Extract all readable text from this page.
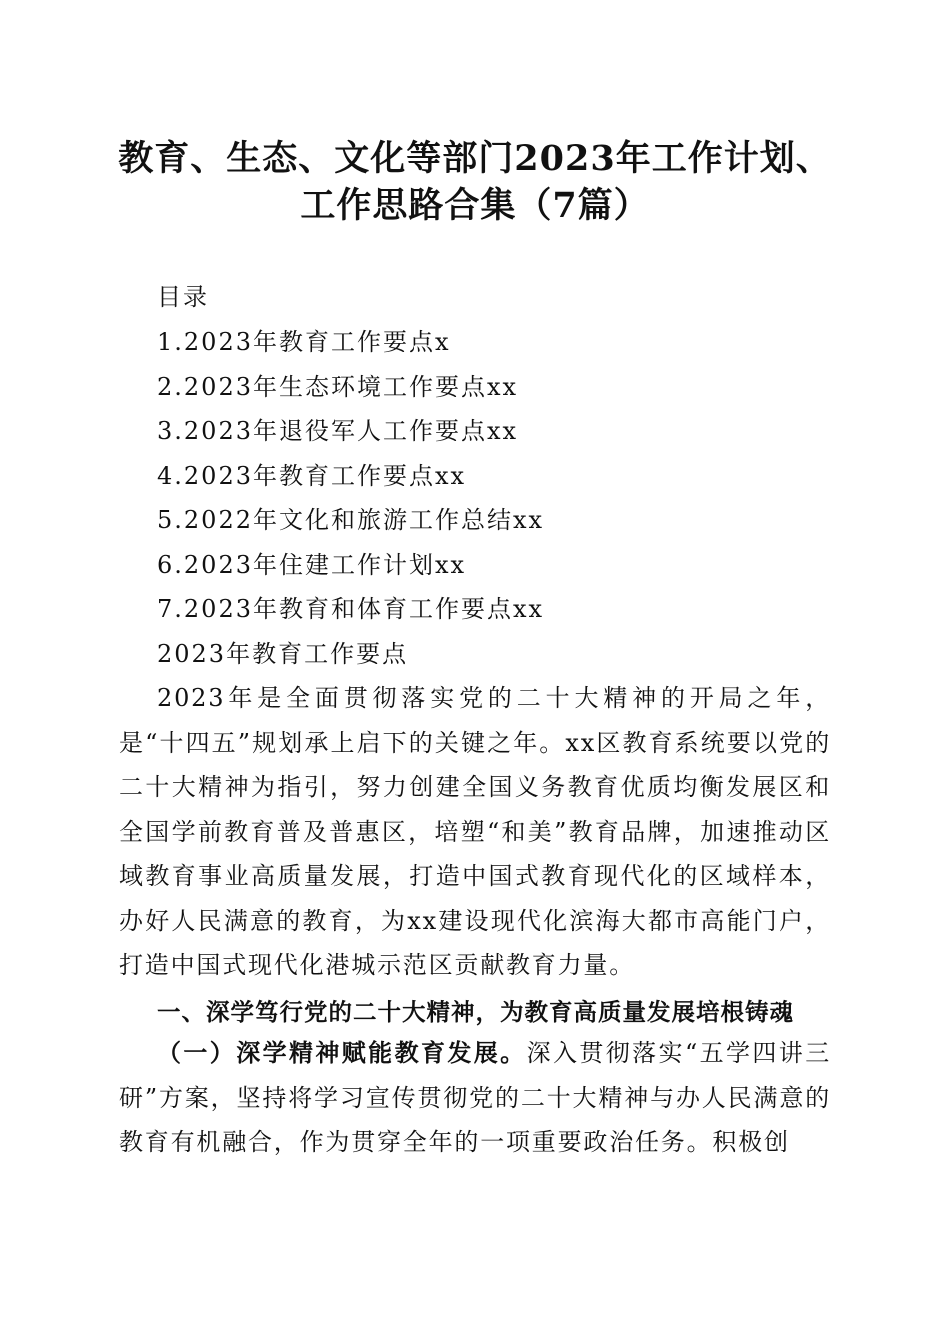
教育、生态、文化等部门2023年工作计划、
工作思路合集（7篇）
目录
1.2023年教育工作要点x
2.2023年生态环境工作要点xx
3.2023年退役军人工作要点xx
4.2023年教育工作要点xx
5.2022年文化和旅游工作总结xx
6.2023年住建工作计划xx
7.2023年教育和体育工作要点xx
2023年教育工作要点

2023年是全面贯彻落实党的二十大精神的开局之年，是“十四五”规划承上启下的关键之年。xx区教育系统要以党的二十大精神为指引，努力创建全国义务教育优质均衡发展区和全国学前教育普及普惠区，培塑“和美”教育品牌，加速推动区域教育事业高质量发展，打造中国式教育现代化的区域样本，办好人民满意的教育，为xx建设现代化滨海大都市高能门户，打造中国式现代化港城示范区贡献教育力量。

一、深学笃行党的二十大精神，为教育高质量发展培根铸魂

（一）深学精神赋能教育发展。深入贯彻落实“五学四讲三研”方案，坚持将学习宣传贯彻党的二十大精神与办人民满意的教育有机融合，作为贯穿全年的一项重要政治任务。积极创
